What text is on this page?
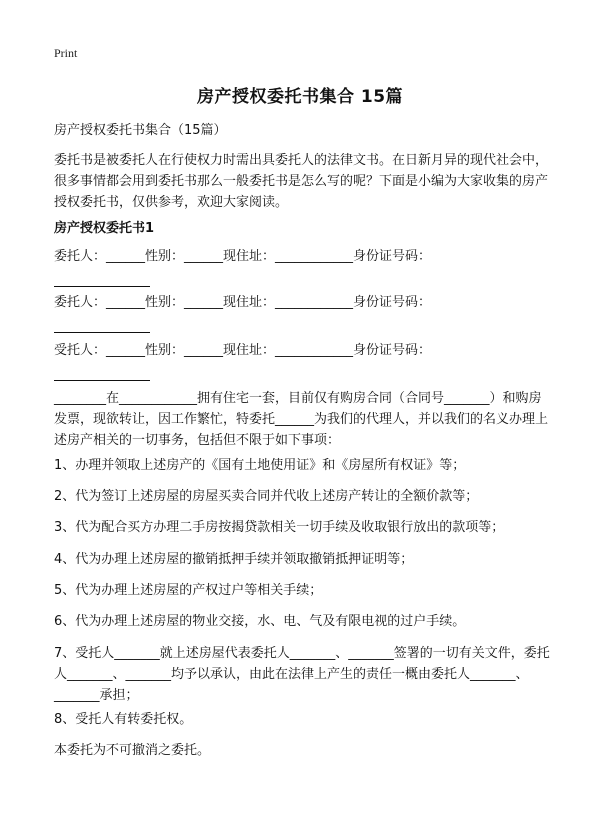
Print
房产授权委托书集合 15篇

房产授权委托书集合（15篇）

委托书是被委托人在行使权力时需出具委托人的法律文书。在日新月异的现代社会中，很多事情都会用到委托书那么一般委托书是怎么写的呢？下面是小编为大家收集的房产授权委托书，仅供参考，欢迎大家阅读。

房产授权委托书1

委托人：______性别：______现住址：____________身份证号码：
委托人：______性别：______现住址：____________身份证号码：
受托人：______性别：______现住址：____________身份证号码：

________在____________拥有住宅一套，目前仅有购房合同（合同号_______）和购房发票，现欲转让，因工作繁忙，特委托______为我们的代理人，并以我们的名义办理上述房产相关的一切事务，包括但不限于如下事项：

1、办理并领取上述房产的《国有土地使用证》和《房屋所有权证》等；

2、代为签订上述房屋的房屋买卖合同并代收上述房产转让的全额价款等；

3、代为配合买方办理二手房按揭贷款相关一切手续及收取银行放出的款项等；

4、代为办理上述房屋的撤销抵押手续并领取撤销抵押证明等；

5、代为办理上述房屋的产权过户等相关手续；

6、代为办理上述房屋的物业交接，水、电、气及有限电视的过户手续。

7、受托人_______就上述房屋代表委托人_______、_______签署的一切有关文件，委托人_______、_______均予以承认，由此在法律上产生的责任一概由委托人_______、_______承担；

8、受托人有转委托权。

本委托为不可撤消之委托。
